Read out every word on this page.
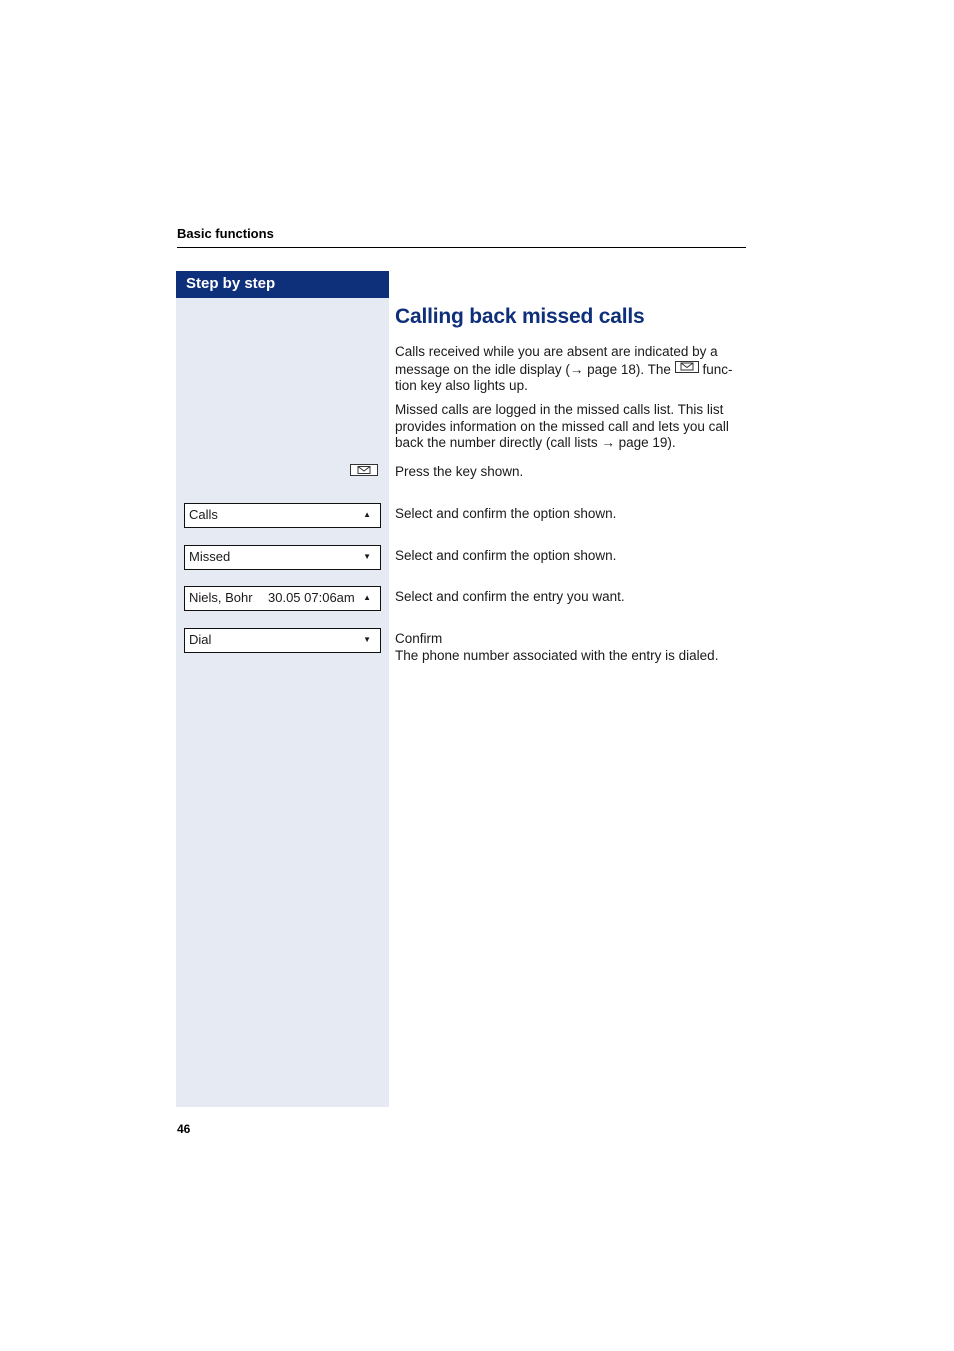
Basic functions
Step by step
Calls	▲
Missed	▼
Niels, Bohr 30.05 07:06am ▲
Dial	▼
Calling back missed calls

Calls received while you are absent are indicated by a message on the idle display (→ page 18). The
function key also lights up.

Missed calls are logged in the missed calls list. This list provides information on the missed call and lets you call back the number directly (call lists → page 19).

Press the key shown.

Select and confirm the option shown.

Select and confirm the option shown.

Select and confirm the entry you want.

Confirm
The phone number associated with the entry is dialed.
46
